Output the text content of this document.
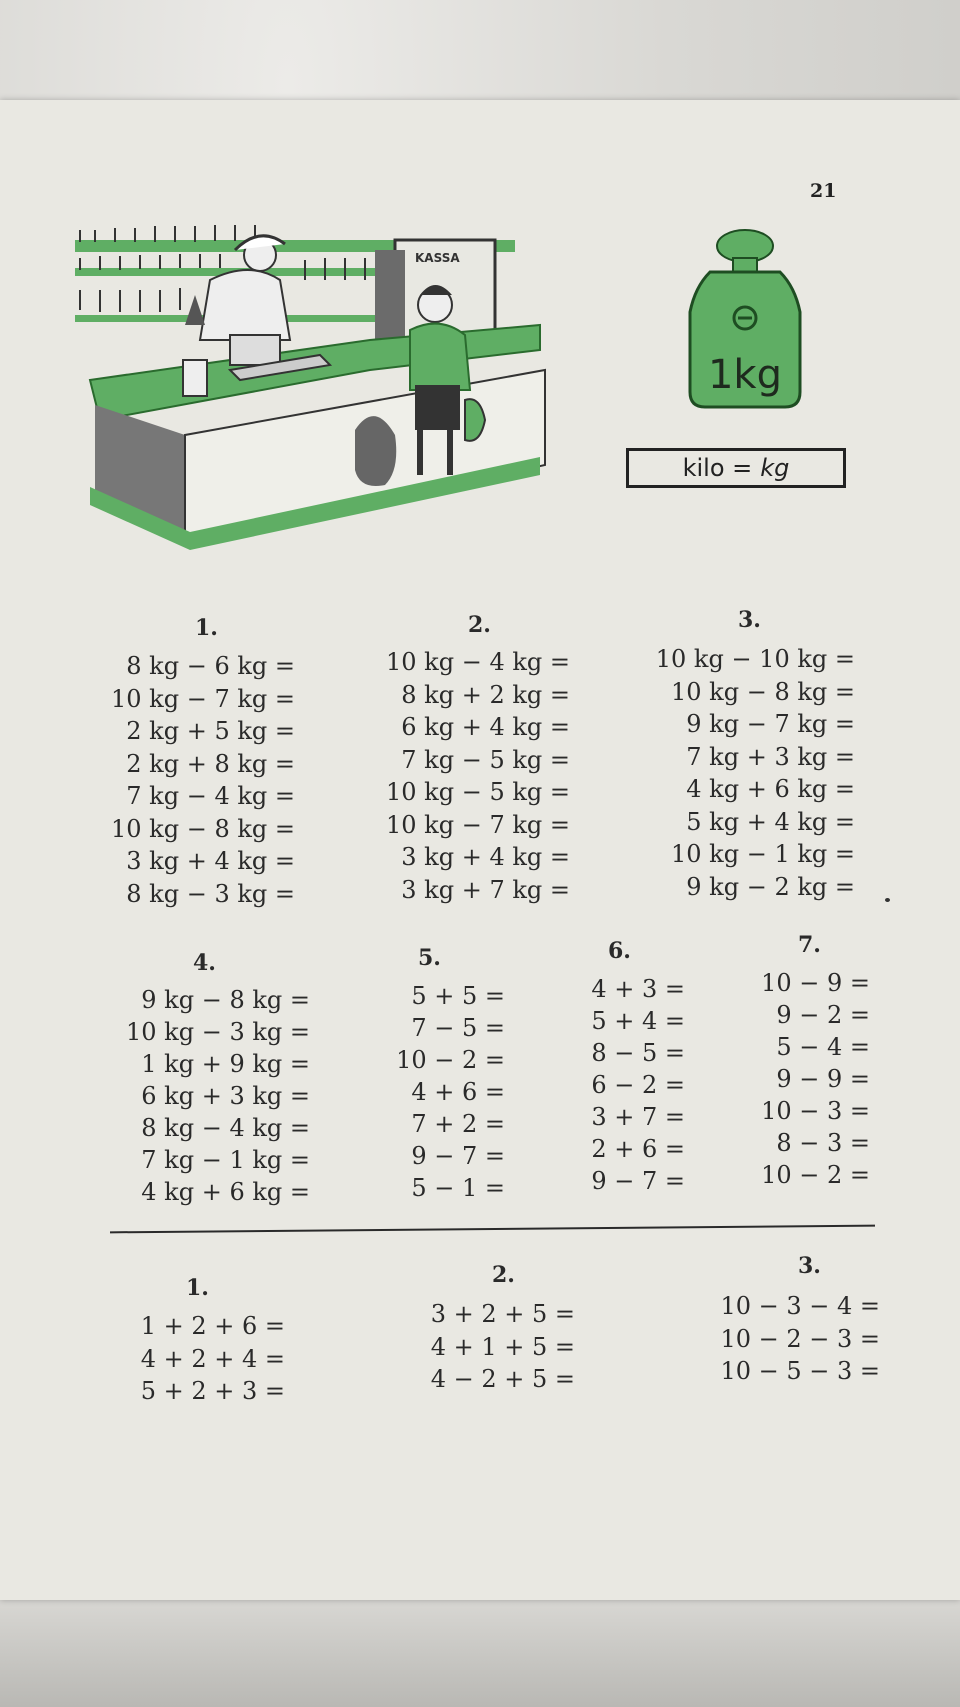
21
KASSA
1kg
kilo = kg
1.
8 kg − 6 kg =
10 kg − 7 kg =
2 kg + 5 kg =
2 kg + 8 kg =
7 kg − 4 kg =
10 kg − 8 kg =
3 kg + 4 kg =
8 kg − 3 kg =
2.
10 kg − 4 kg =
8 kg + 2 kg =
6 kg + 4 kg =
7 kg − 5 kg =
10 kg − 5 kg =
10 kg − 7 kg =
3 kg + 4 kg =
3 kg + 7 kg =
3.
10 kg − 10 kg =
10 kg − 8 kg =
9 kg − 7 kg =
7 kg + 3 kg =
4 kg + 6 kg =
5 kg + 4 kg =
10 kg − 1 kg =
9 kg − 2 kg =
4.
9 kg − 8 kg =
10 kg − 3 kg =
1 kg + 9 kg =
6 kg + 3 kg =
8 kg − 4 kg =
7 kg − 1 kg =
4 kg + 6 kg =
5.
5 + 5 =
7 − 5 =
10 − 2 =
4 + 6 =
7 + 2 =
9 − 7 =
5 − 1 =
6.
4 + 3 =
5 + 4 =
8 − 5 =
6 − 2 =
3 + 7 =
2 + 6 =
9 − 7 =
7.
10 − 9 =
9 − 2 =
5 − 4 =
9 − 9 =
10 − 3 =
8 − 3 =
10 − 2 =
1.
1 + 2 + 6 =
4 + 2 + 4 =
5 + 2 + 3 =
2.
3 + 2 + 5 =
4 + 1 + 5 =
4 − 2 + 5 =
3.
10 − 3 − 4 =
10 − 2 − 3 =
10 − 5 − 3 =
